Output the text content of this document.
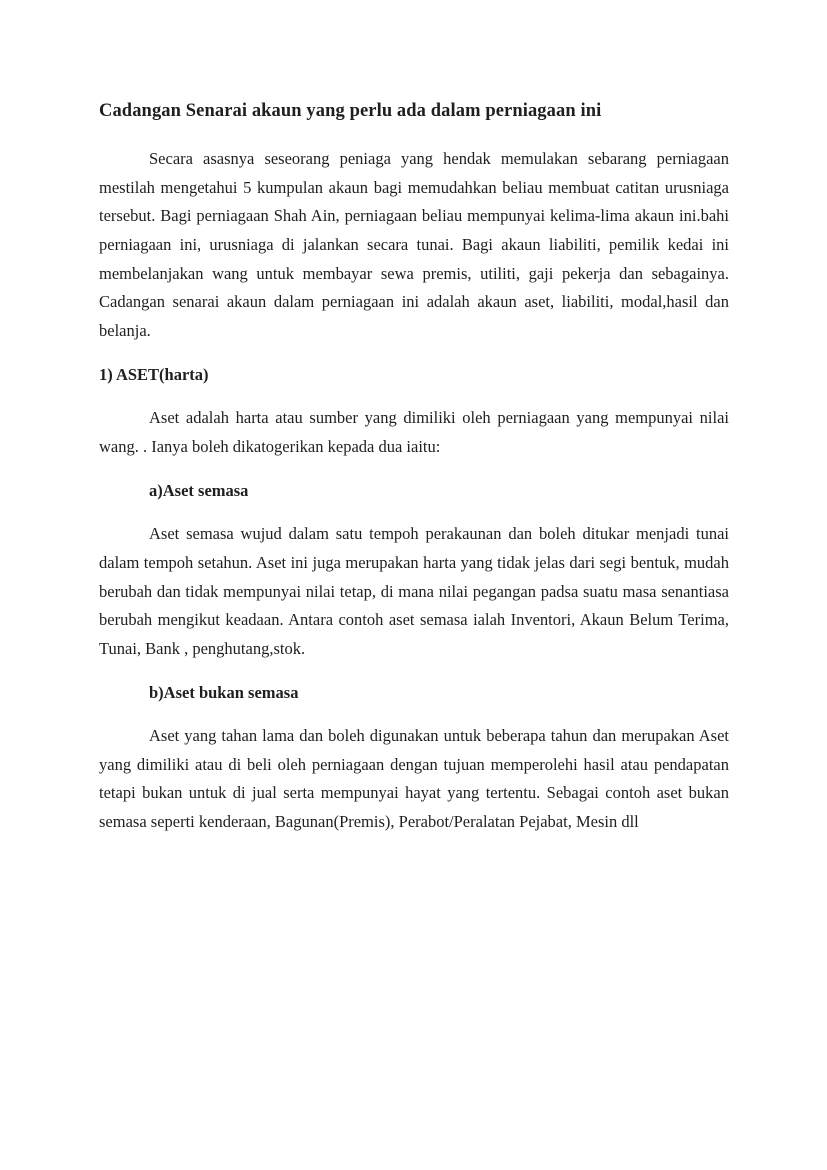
Cadangan Senarai akaun yang perlu ada dalam perniagaan ini

Secara asasnya seseorang peniaga yang hendak memulakan sebarang perniagaan mestilah mengetahui 5 kumpulan akaun bagi memudahkan beliau membuat catitan urusniaga tersebut. Bagi perniagaan Shah Ain, perniagaan beliau mempunyai kelima-lima akaun ini.bahi perniagaan ini, urusniaga di jalankan secara tunai. Bagi akaun liabiliti, pemilik kedai ini membelanjakan wang untuk membayar sewa premis, utiliti, gaji pekerja dan sebagainya. Cadangan senarai akaun dalam perniagaan ini adalah akaun aset, liabiliti, modal,hasil dan belanja.

1) ASET(harta)

Aset adalah harta atau sumber yang dimiliki oleh perniagaan yang mempunyai nilai wang. . Ianya boleh dikatogerikan kepada dua iaitu:

a)Aset semasa

Aset semasa wujud dalam satu tempoh perakaunan dan boleh ditukar menjadi tunai dalam tempoh setahun. Aset ini juga merupakan harta yang tidak jelas dari segi bentuk, mudah berubah dan tidak mempunyai nilai tetap, di mana nilai pegangan padsa suatu masa senantiasa berubah mengikut keadaan. Antara contoh aset semasa ialah Inventori, Akaun Belum Terima, Tunai, Bank , penghutang,stok.

b)Aset bukan semasa

Aset yang tahan lama dan boleh digunakan untuk beberapa tahun dan merupakan Aset yang dimiliki atau di beli oleh perniagaan dengan tujuan memperolehi hasil atau pendapatan tetapi bukan untuk di jual serta mempunyai hayat yang tertentu. Sebagai contoh aset bukan semasa seperti kenderaan, Bagunan(Premis), Perabot/Peralatan Pejabat, Mesin dll
